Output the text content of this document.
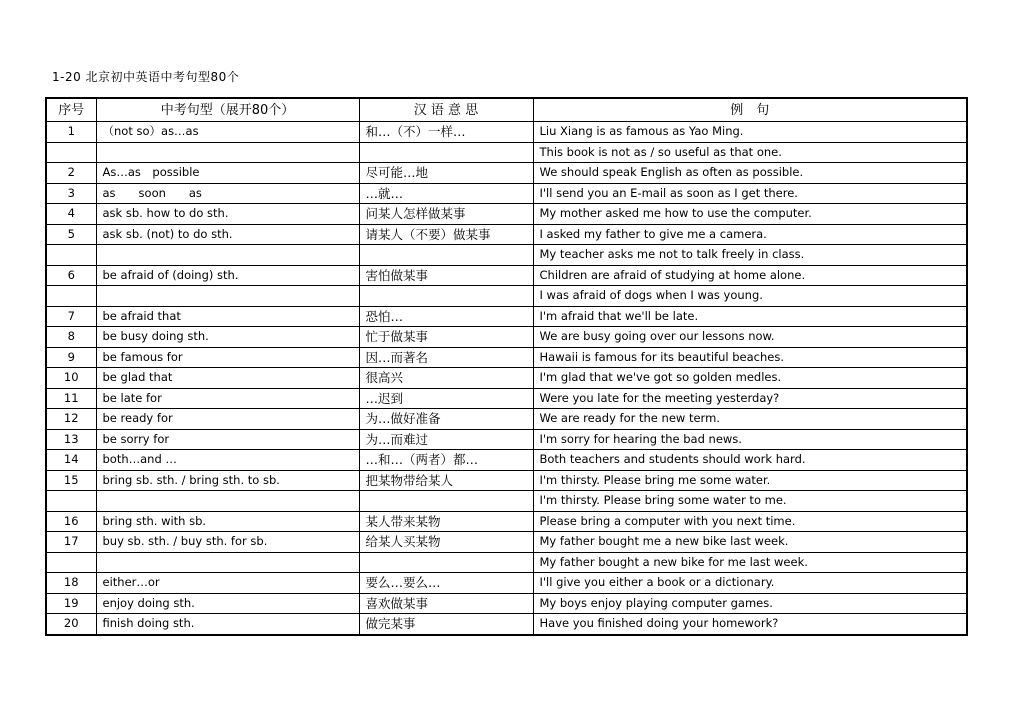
1-20 北京初中英语中考句型80个
序号	中考句型（展开80个）	汉 语 意 思	例　句
1	（not so）as…as	和…（不）一样…	Liu Xiang is as famous as Yao Ming.
			This book is not as / so useful as that one.
2	As…as　possible	尽可能…地	We should speak English as often as possible.
3	as　　soon　　as	…就…	I'll send you an E-mail as soon as I get there.
4	ask sb. how to do sth.	问某人怎样做某事	My mother asked me how to use the computer.
5	ask sb. (not) to do sth.	请某人（不要）做某事	I asked my father to give me a camera.
			My teacher asks me not to talk freely in class.
6	be afraid of (doing) sth.	害怕做某事	Children are afraid of studying at home alone.
			I was afraid of dogs when I was young.
7	be afraid that	恐怕…	I'm afraid that we'll be late.
8	be busy doing sth.	忙于做某事	We are busy going over our lessons now.
9	be famous for	因…而著名	Hawaii is famous for its beautiful beaches.
10	be glad that	很高兴	I'm glad that we've got so golden medles.
11	be late for	…迟到	Were you late for the meeting yesterday?
12	be ready for	为…做好准备	We are ready for the new term.
13	be sorry for	为…而难过	I'm sorry for hearing the bad news.
14	both…and …	…和…（两者）都…	Both teachers and students should work hard.
15	bring sb. sth. / bring sth. to sb.	把某物带给某人	I'm thirsty. Please bring me some water.
			I'm thirsty. Please bring some water to me.
16	bring sth. with sb.	某人带来某物	Please bring a computer with you next time.
17	buy sb. sth. / buy sth. for sb.	给某人买某物	My father bought me a new bike last week.
			My father bought a new bike for me last week.
18	either…or	要么…要么…	I'll give you either a book or a dictionary.
19	enjoy doing sth.	喜欢做某事	My boys enjoy playing computer games.
20	finish doing sth.	做完某事	Have you finished doing your homework?
